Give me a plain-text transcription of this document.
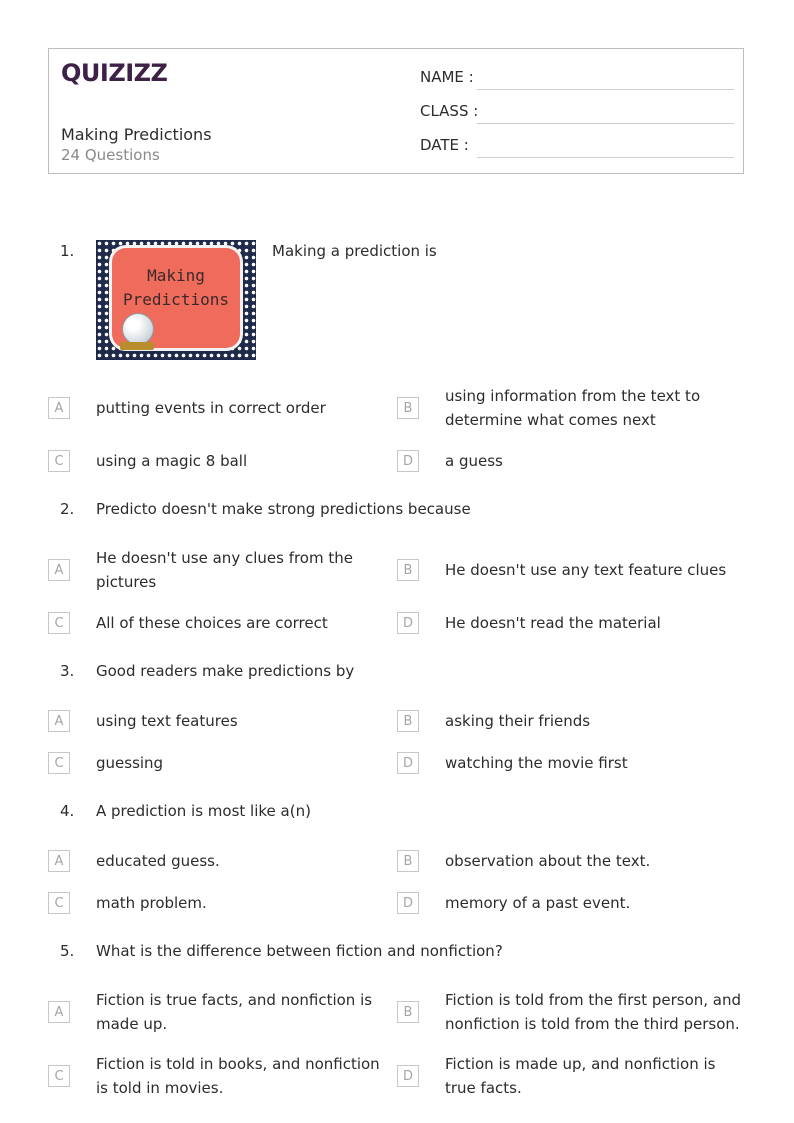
QUIZIZZ
Making Predictions
24 Questions
NAME :
CLASS :
DATE :
1.
Making
Predictions
Making a prediction is
A	putting events in correct order	B
using information from the text to determine what comes next
C	using a magic 8 ball	D	a guess
2. Predicto doesn't make strong predictions because
A
He doesn't use any clues from the pictures
B	He doesn't use any text feature clues
C	All of these choices are correct	D	He doesn't read the material
3. Good readers make predictions by
A	using text features	B	asking their friends
C	guessing	D	watching the movie first
4. A prediction is most like a(n)
A	educated guess.	B	observation about the text.
C	math problem.	D	memory of a past event.
5. What is the difference between fiction and nonfiction?
A
Fiction is true facts, and nonfiction is made up.
B
Fiction is told from the first person, and nonfiction is told from the third person.
C
Fiction is told in books, and nonfiction is told in movies.
D
Fiction is made up, and nonfiction is true facts.
